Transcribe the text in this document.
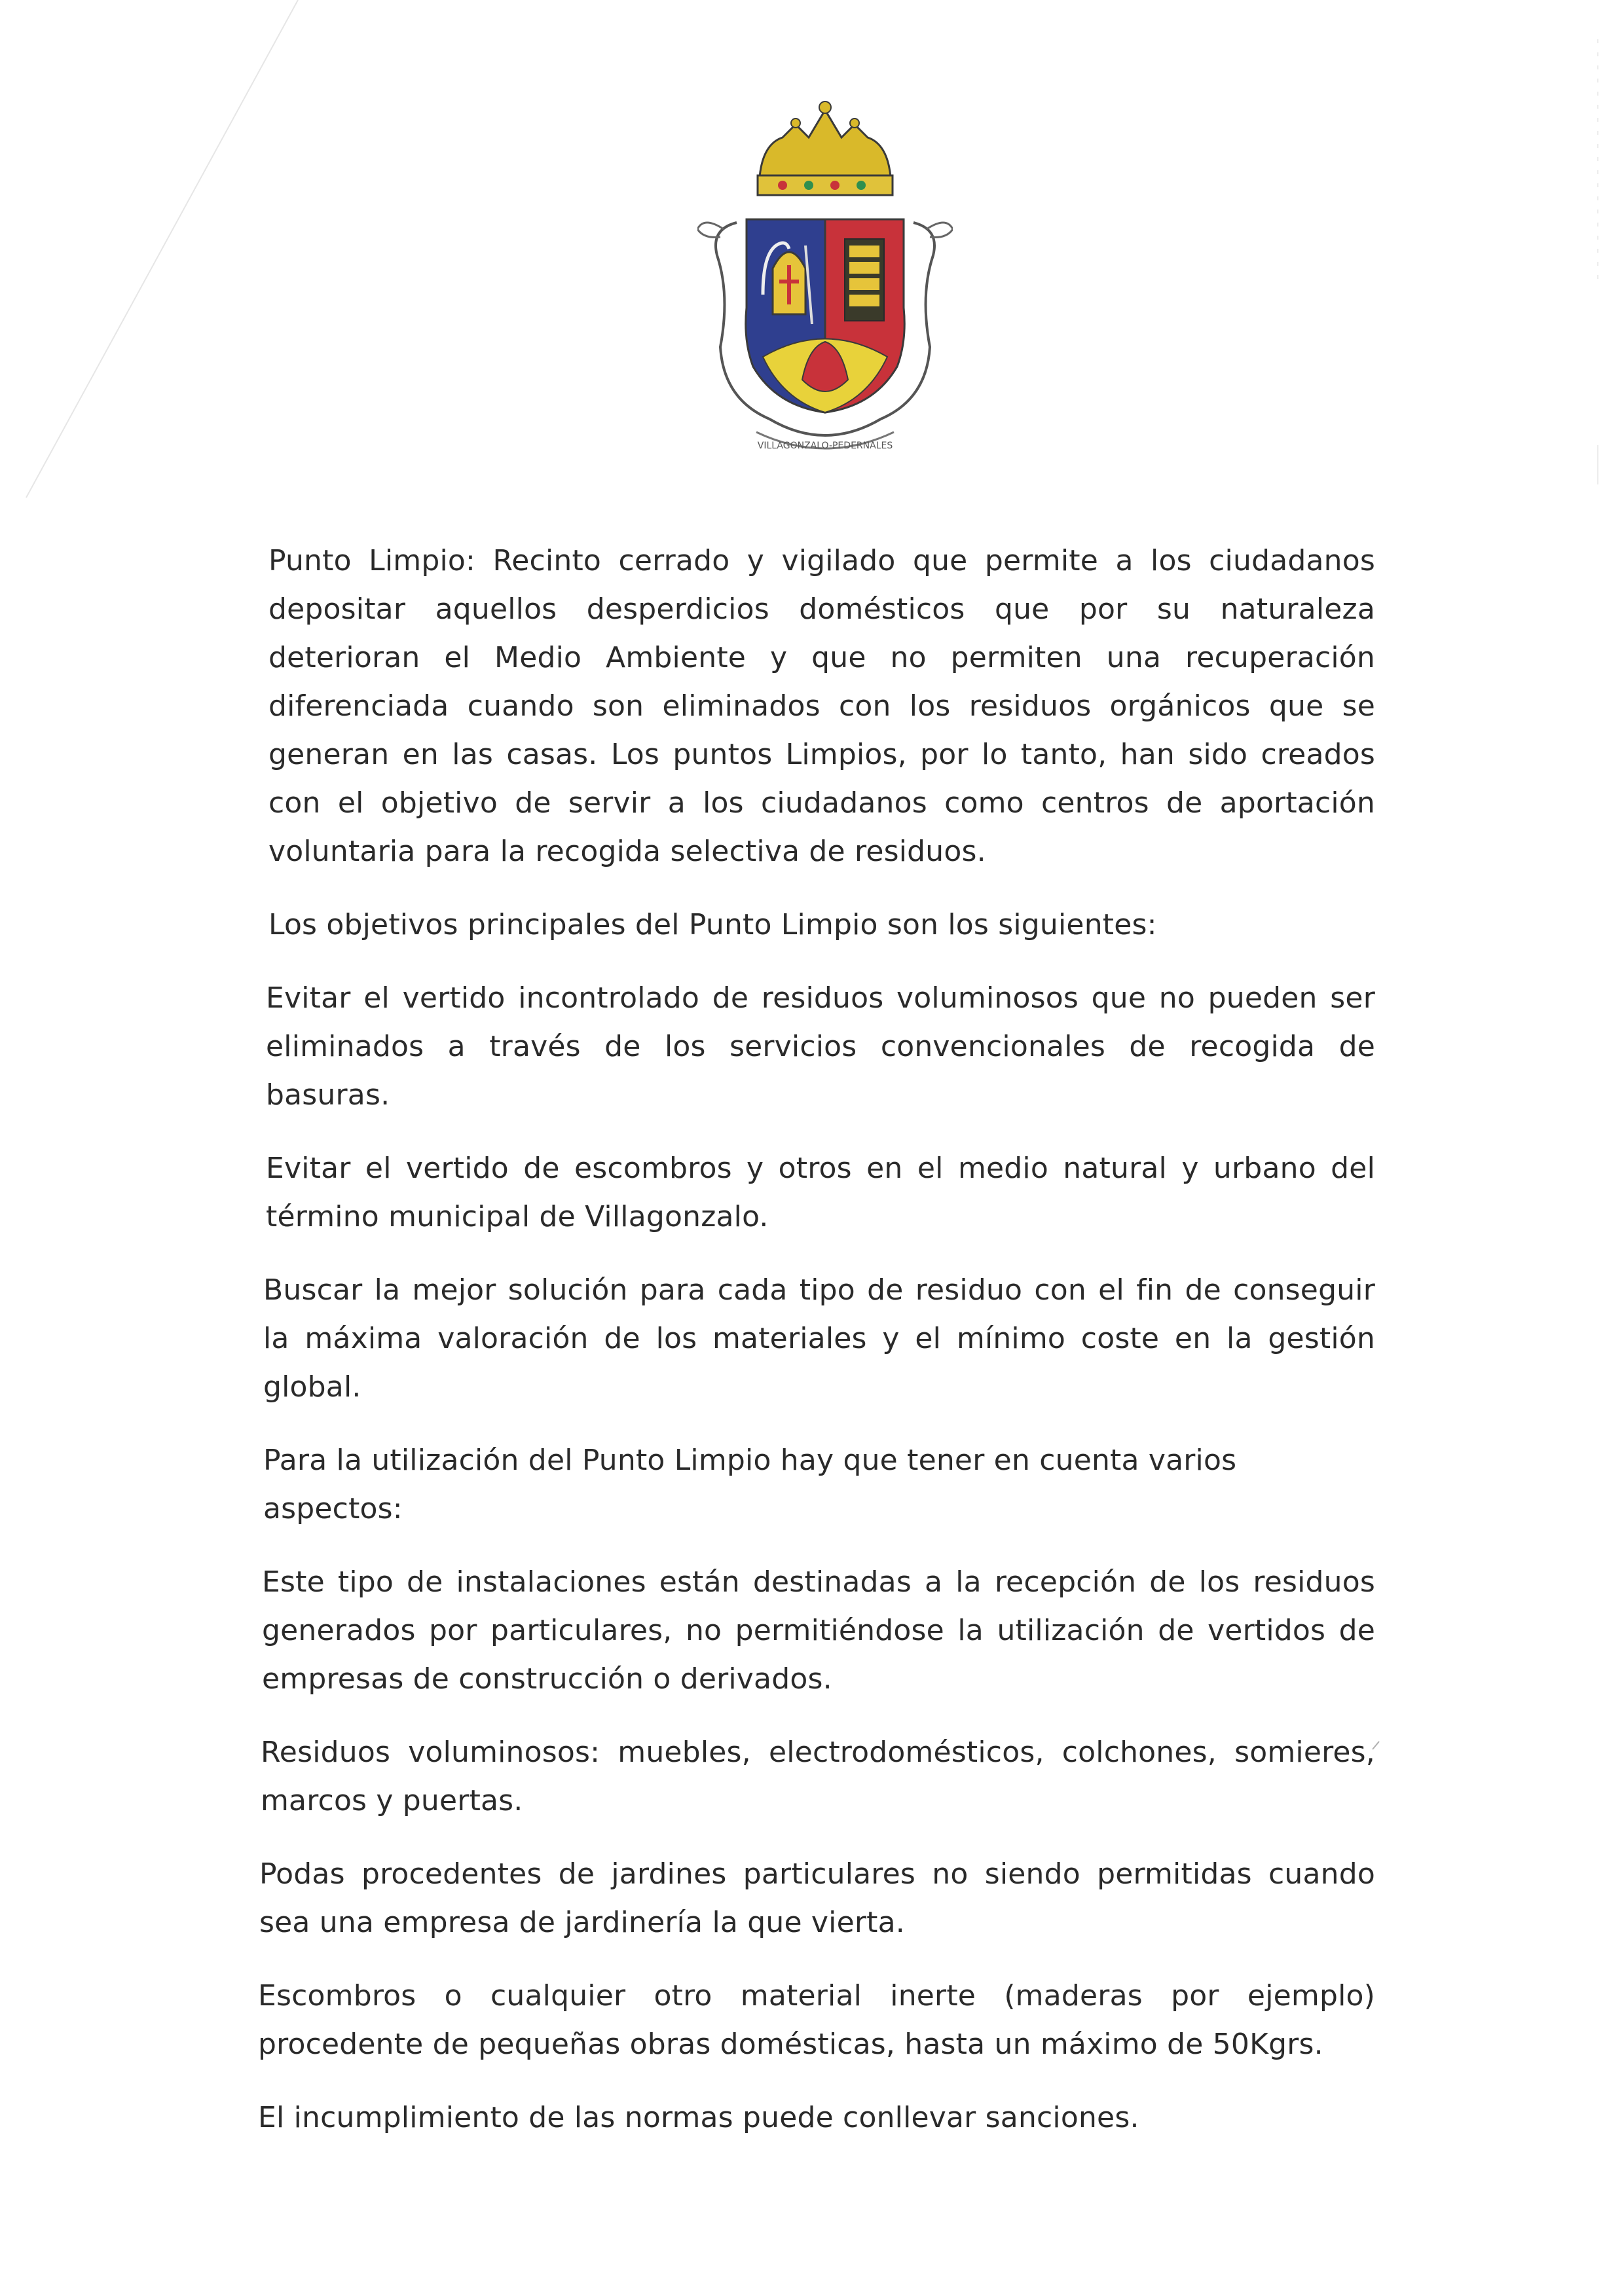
VILLAGONZALO-PEDERNALES

Punto Limpio: Recinto cerrado y vigilado que permite a los ciudadanos depositar aquellos desperdicios domésticos que por su naturaleza deterioran el Medio Ambiente y que no permiten una recuperación diferenciada cuando son eliminados con los residuos orgánicos que se generan en las casas. Los puntos Limpios, por lo tanto, han sido creados con el objetivo de servir a los ciudadanos como centros de aportación voluntaria para la recogida selectiva de residuos.

Los objetivos principales del Punto Limpio son los siguientes:

Evitar el vertido incontrolado de residuos voluminosos que no pueden ser eliminados a través de los servicios convencionales de recogida de basuras.

Evitar el vertido de escombros y otros en el medio natural y urbano del término municipal de Villagonzalo.

Buscar la mejor solución para cada tipo de residuo con el fin de conseguir la máxima valoración de los materiales y el mínimo coste en la gestión global.

Para la utilización del Punto Limpio hay que tener en cuenta varios aspectos:

Este tipo de instalaciones están destinadas a la recepción de los residuos generados por particulares, no permitiéndose la utilización de vertidos de empresas de construcción o derivados.

Residuos voluminosos: muebles, electrodomésticos, colchones, somieres, marcos y puertas.

Podas procedentes de jardines particulares no siendo permitidas cuando sea una empresa de jardinería la que vierta.

Escombros o cualquier otro material inerte (maderas por ejemplo) procedente de pequeñas obras domésticas, hasta un máximo de 50Kgrs.

El incumplimiento de las normas puede conllevar sanciones.
